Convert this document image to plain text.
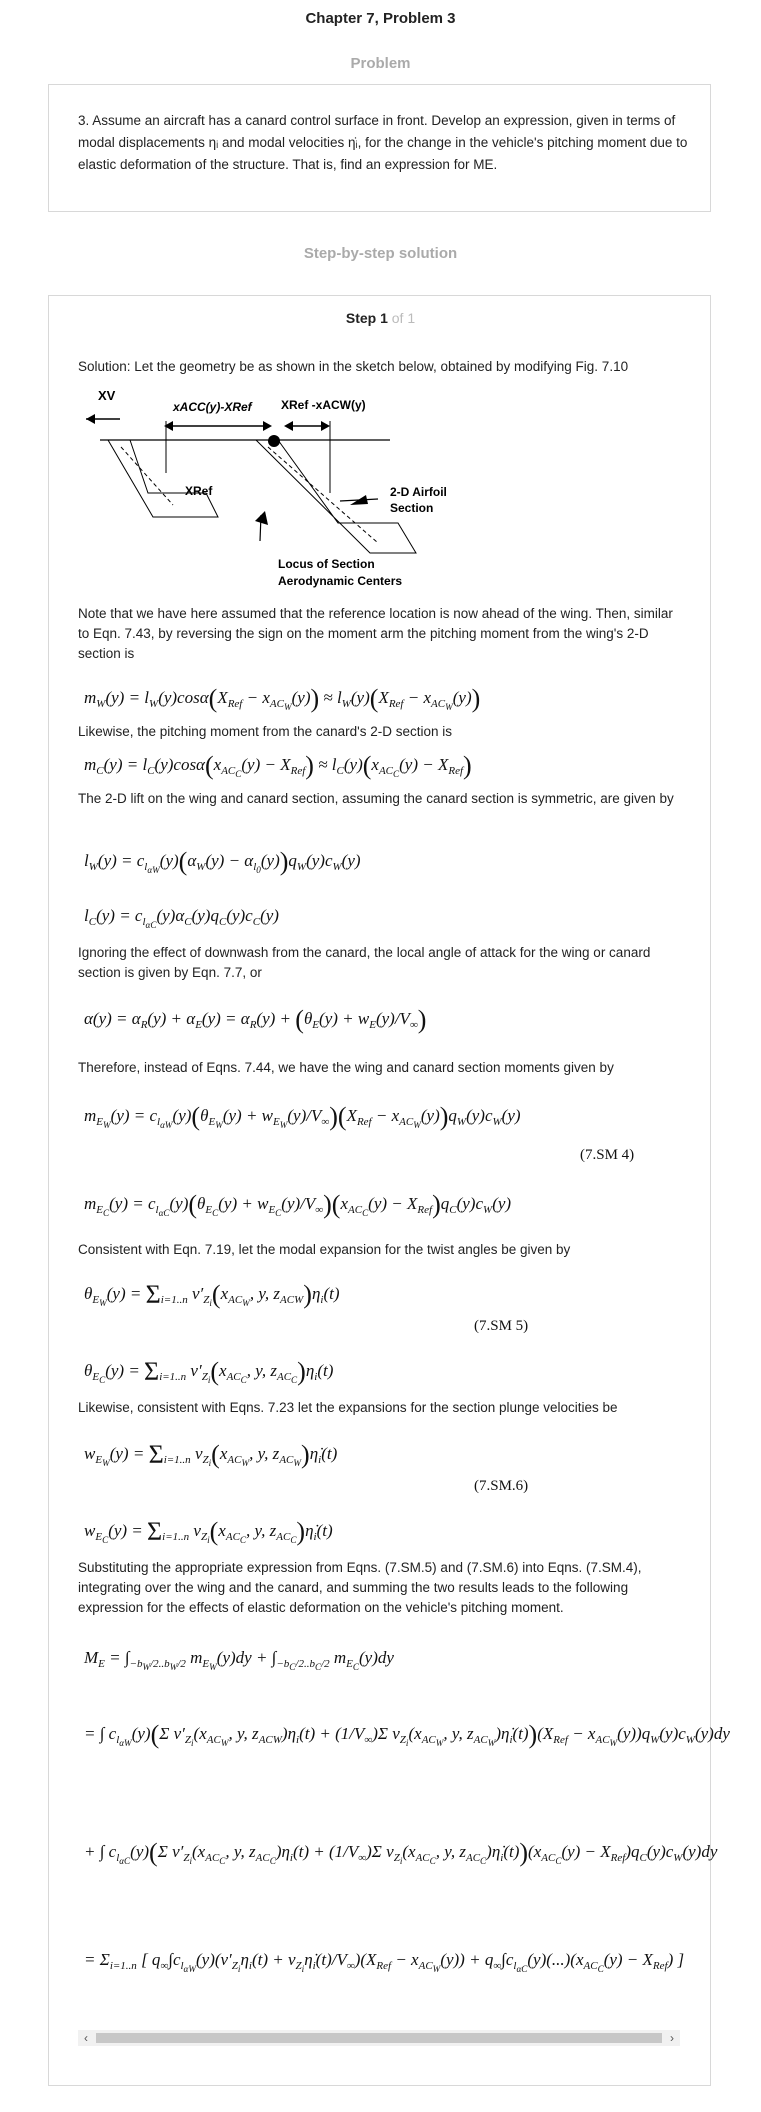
Chapter 7, Problem 3
Problem
3. Assume an aircraft has a canard control surface in front. Develop an expression, given in terms of modal displacements ηᵢ and modal velocities η̇ᵢ, for the change in the vehicle's pitching moment due to elastic deformation of the structure. That is, find an expression for ME.
Step-by-step solution
Step 1 of 1
Solution: Let the geometry be as shown in the sketch below, obtained by modifying Fig. 7.10
XV
xACC(y)-XRef XRef -xACW(y)
XRef	2-D Airfoil
Section
Locus of Section
Aerodynamic Centers
Note that we have here assumed that the reference location is now ahead of the wing. Then, similar to Eqn. 7.43, by reversing the sign on the moment arm the pitching moment from the wing's 2-D section is
$m_W(y) = l_W(y)\cos\alpha(X_{Ref} - x_{AC_W}(y)) \approx l_W(y)(X_{Ref} - x_{AC_W}(y))$
Likewise, the pitching moment from the canard's 2-D section is
$m_C(y) = l_C(y)\cos\alpha(x_{AC_C}(y) - X_{Ref}) \approx l_C(y)(x_{AC_C}(y) - X_{Ref})$
The 2-D lift on the wing and canard section, assuming the canard section is symmetric, are given by
$l_W(y) = c_{l_{\alpha W}}(y)(\alpha_W(y) - \alpha_{l_0}(y))q_W(y)c_W(y)$
$l_C(y) = c_{l_{\alpha C}}(y)\alpha_C(y)q_C(y)c_C(y)$
Ignoring the effect of downwash from the canard, the local angle of attack for the wing or canard section is given by Eqn. 7.7, or
$\alpha(y) = \alpha_R(y) + \alpha_E(y) = \alpha_R(y) + (\theta_E(y) + w_E(y)/V_\infty)$
Therefore, instead of Eqns. 7.44, we have the wing and canard section moments given by
$m_{E_W}(y) = c_{l_{\alpha W}}(y)(\theta_{E_W}(y) + w_{E_W}(y)/V_\infty)(X_{Ref} - x_{AC_W}(y))q_W(y)c_W(y)$
(7.SM 4)
$m_{E_C}(y) = c_{l_{\alpha C}}(y)(\theta_{E_C}(y) + w_{E_C}(y)/V_\infty)(x_{AC_C}(y) - X_{Ref})q_C(y)c_W(y)$
Consistent with Eqn. 7.19, let the modal expansion for the twist angles be given by
$\theta_{E_W}(y) = \Sigma_{i=1..n}$ $v'_{Z_i}(x_{AC_W}$, y, $z_{ACW})\eta_i(t)$
(7.SM 5)
$\theta_{E_C}(y) = \Sigma_{i=1..n}$ $v'_{Z_i}(x_{AC_C}$, y, $z_{AC_C})\eta_i(t)$
Likewise, consistent with Eqns. 7.23 let the expansions for the section plunge velocities be
$w_{E_W}(y) = \Sigma_{i=1..n}$ $v_{Z_i}(x_{AC_W}$, y, $z_{AC_W})\etȧ_i(t)$
(7.SM.6)
$w_{E_C}(y) = \Sigma_{i=1..n}$ $v_{Z_i}(x_{AC_C}$, y, $z_{AC_C})\etȧ_i(t)$
Substituting the appropriate expression from Eqns. (7.SM.5) and (7.SM.6) into Eqns. (7.SM.4), integrating over the wing and the canard, and summing the two results leads to the following expression for the effects of elastic deformation on the vehicle's pitching moment.
$M_E = \int_{-b_W/2..b_W/2}$ $m_{E_W}(y)dy + \int_{-b_C/2..b_C/2}$ $m_{E_C}(y)dy$
= ∫ $c_{l_{\alpha W}}(y)(\Sigma$ $v'_{Z_i}(x_{AC_W}$, y, $z_{ACW})\eta_i(t) + (1/V_\infty)\Sigma$ $v_{Z_i}(x_{AC_W}$, y, $z_{AC_W})\etȧ_i(t))(X_{Ref} - x_{AC_W}(y))q_W(y)c_W(y)dy$
+ ∫ $c_{l_{\alpha C}}(y)(\Sigma$ $v'_{Z_i}(x_{AC_C}$, y, $z_{AC_C})\eta_i(t) + (1/V_\infty)\Sigma$ $v_{Z_i}(x_{AC_C}$, y, $z_{AC_C})\etȧ_i(t))(x_{AC_C}(y) - X_{Ref})q_C(y)c_W(y)dy$
= $\Sigma_{i=1..n}$ [ $q_\infty\int c_{l_{\alpha W}}(y)(v'_{Z_i}\eta_i(t)$ + $v_{Z_i}\etȧ_i(t)/V_\infty)(X_{Ref} - x_{AC_W}(y)) + q_\infty\int c_{l_{\alpha C}}(y)(...)(x_{AC_C}(y) - X_{Ref})$ ]
‹	›
